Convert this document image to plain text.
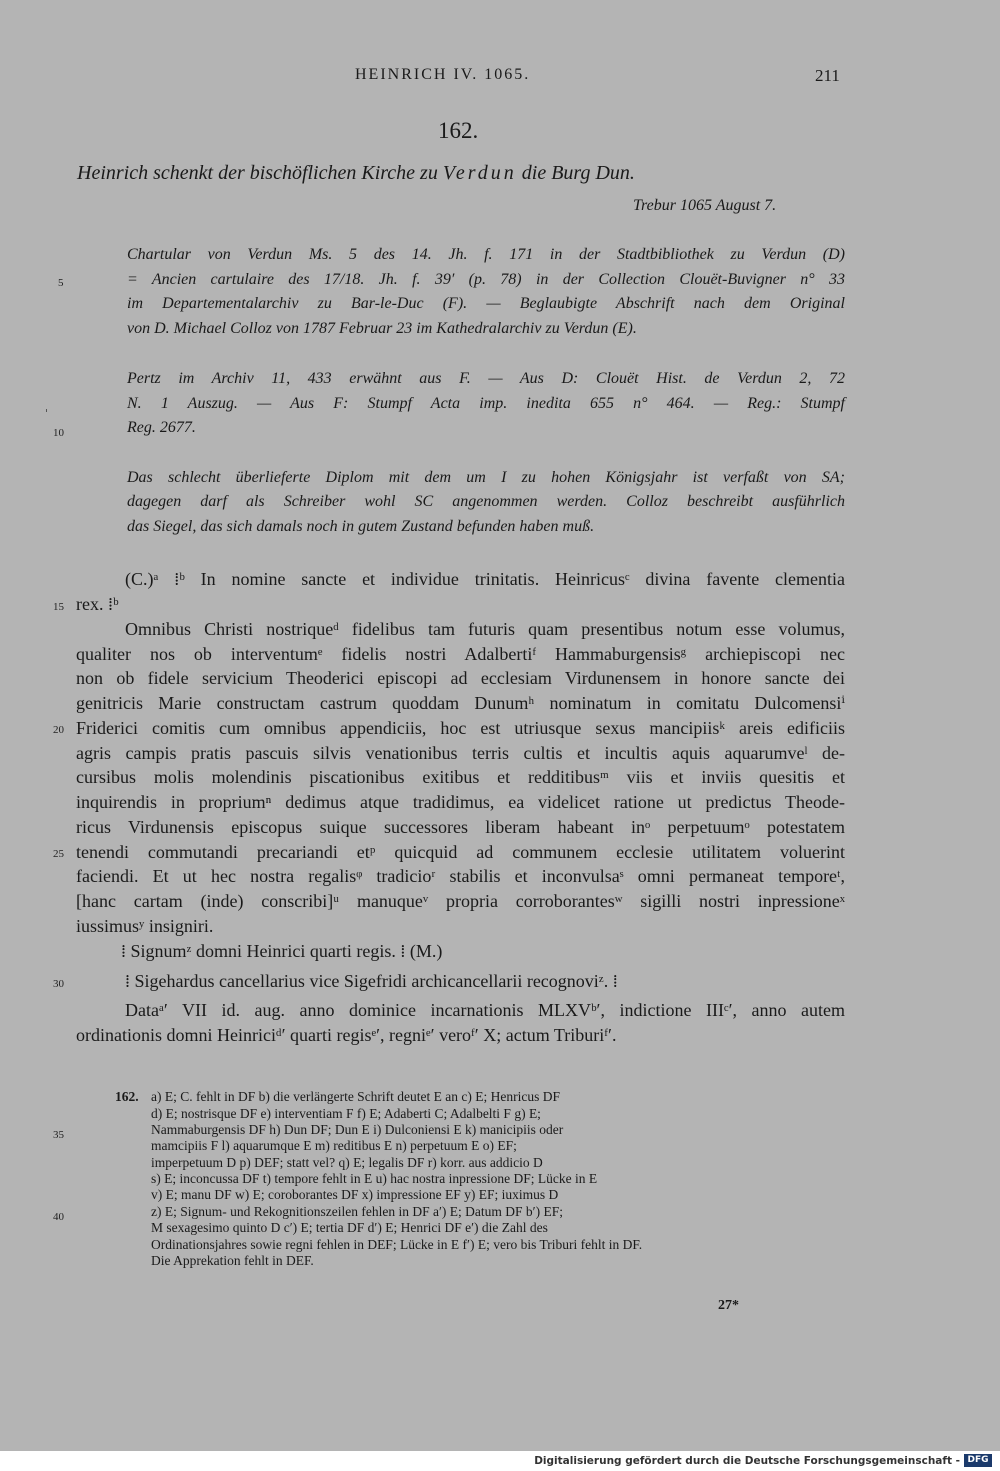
HEINRICH IV. 1065.	211
162.
Heinrich schenkt der bischöflichen Kirche zu Verdun die Burg Dun.
Trebur 1065 August 7.
Chartular von Verdun Ms. 5 des 14. Jh. f. 171 in der Stadtbibliothek zu Verdun (D)
= Ancien cartulaire des 17/18. Jh. f. 39′ (p. 78) in der Collection Clouët-Buvigner n° 33
im Departementalarchiv zu Bar-le-Duc (F). — Beglaubigte Abschrift nach dem Original
von D. Michael Colloz von 1787 Februar 23 im Kathedralarchiv zu Verdun (E).
Pertz im Archiv 11, 433 erwähnt aus F. — Aus D: Clouët Hist. de Verdun 2, 72
N. 1 Auszug. — Aus F: Stumpf Acta imp. inedita 655 n° 464. — Reg.: Stumpf
Reg. 2677.
Das schlecht überlieferte Diplom mit dem um I zu hohen Königsjahr ist verfaßt von SA;
dagegen darf als Schreiber wohl SC angenommen werden. Colloz beschreibt ausführlich
das Siegel, das sich damals noch in gutem Zustand befunden haben muß.
(C.)ᵃ ⁞ᵇ In nomine sancte et individue trinitatis. Heinricusᶜ divina favente clementia
rex. ⁞ᵇ
Omnibus Christi nostriqueᵈ fidelibus tam futuris quam presentibus notum esse volumus,
qualiter nos ob interventumᵉ fidelis nostri Adalbertiᶠ Hammaburgensisᵍ archiepiscopi nec
non ob fidele servicium Theoderici episcopi ad ecclesiam Virdunensem in honore sancte dei
genitricis Marie constructam castrum quoddam Dunumʰ nominatum in comitatu Dulcomensiⁱ
Friderici comitis cum omnibus appendiciis, hoc est utriusque sexus mancipiisᵏ areis edificiis
agris campis pratis pascuis silvis venationibus terris cultis et incultis aquis aquarumveˡ de-
cursibus molis molendinis piscationibus exitibus et redditibusᵐ viis et inviis quesitis et
inquirendis in propriumⁿ dedimus atque tradidimus, ea videlicet ratione ut predictus Theode-
ricus Virdunensis episcopus suique successores liberam habeant inᵒ perpetuumᵒ potestatem
tenendi commutandi precariandi etᵖ quicquid ad communem ecclesie utilitatem voluerint
faciendi. Et ut hec nostra regalisᵠ tradicioʳ stabilis et inconvulsaˢ omni permaneat temporeᵗ,
[hanc cartam (inde) conscribi]ᵘ manuqueᵛ propria corroborantesʷ sigilli nostri inpressioneˣ
iussimusʸ insigniri.
⁞ Signumᶻ domni Heinrici quarti regis. ⁞ (M.)
⁞ Sigehardus cancellarius vice Sigefridi archicancellarii recognoviᶻ. ⁞
Dataᵃ′ VII id. aug. anno dominice incarnationis MLXVᵇ′, indictione IIIᶜ′, anno autem
ordinationis domni Heinriciᵈ′ quarti regisᵉ′, regniᵉ′ veroᶠ′ X; actum Triburiᶠ′.
5
10
15
20
25
30
35
40
162. a) E; C. fehlt in DF b) die verlängerte Schrift deutet E an c) E; Henricus DF
d) E; nostrisque DF e) interventiam F f) E; Adaberti C; Adalbelti F g) E;
Nammaburgensis DF h) Dun DF; Dun E i) Dulconiensi E k) manicipiis oder
mamcipiis F l) aquarumque E m) reditibus E n) perpetuum E o) EF;
imperpetuum D p) DEF; statt vel? q) E; legalis DF r) korr. aus addicio D
s) E; inconcussa DF t) tempore fehlt in E u) hac nostra inpressione DF; Lücke in E
v) E; manu DF w) E; coroborantes DF x) impressione EF y) EF; iuximus D
z) E; Signum- und Rekognitionszeilen fehlen in DF a′) E; Datum DF b′) EF;
M sexagesimo quinto D c′) E; tertia DF d′) E; Henrici DF e′) die Zahl des
Ordinationsjahres sowie regni fehlen in DEF; Lücke in E f′) E; vero bis Triburi fehlt in DF.
Die Apprekation fehlt in DEF.
27*
Digitalisierung gefördert durch die Deutsche Forschungsgemeinschaft - DFG
